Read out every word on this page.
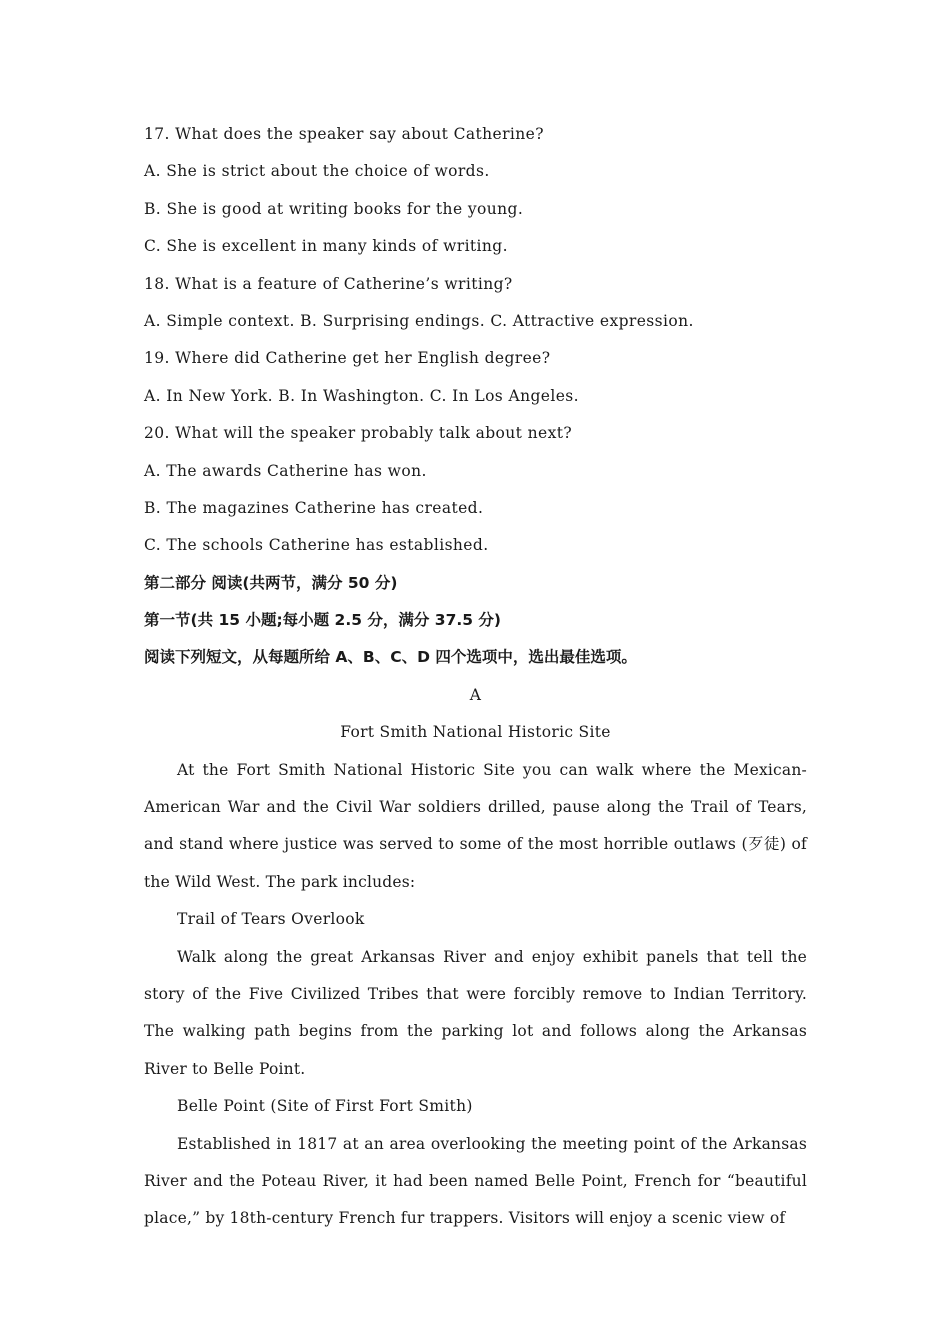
17. What does the speaker say about Catherine?
A. She is strict about the choice of words.
B. She is good at writing books for the young.
C. She is excellent in many kinds of writing.
18. What is a feature of Catherine’s writing?
A. Simple context. B. Surprising endings. C. Attractive expression.
19. Where did Catherine get her English degree?
A. In New York. B. In Washington. C. In Los Angeles.
20. What will the speaker probably talk about next?
A. The awards Catherine has won.
B. The magazines Catherine has created.
C. The schools Catherine has established.
第二部分 阅读(共两节，满分 50 分)
第一节(共 15 小题;每小题 2.5 分，满分 37.5 分)
阅读下列短文，从每题所给 A、B、C、D 四个选项中，选出最佳选项。
A
Fort Smith National Historic Site
At the Fort Smith National Historic Site you can walk where the Mexican-American War and the Civil War soldiers drilled, pause along the Trail of Tears, and stand where justice was served to some of the most horrible outlaws (歹徒) of the Wild West. The park includes:
Trail of Tears Overlook
Walk along the great Arkansas River and enjoy exhibit panels that tell the story of the Five Civilized Tribes that were forcibly remove to Indian Territory. The walking path begins from the parking lot and follows along the Arkansas River to Belle Point.
Belle Point (Site of First Fort Smith)
Established in 1817 at an area overlooking the meeting point of the Arkansas River and the Poteau River, it had been named Belle Point, French for “beautiful place,” by 18th-century French fur trappers. Visitors will enjoy a scenic view of
